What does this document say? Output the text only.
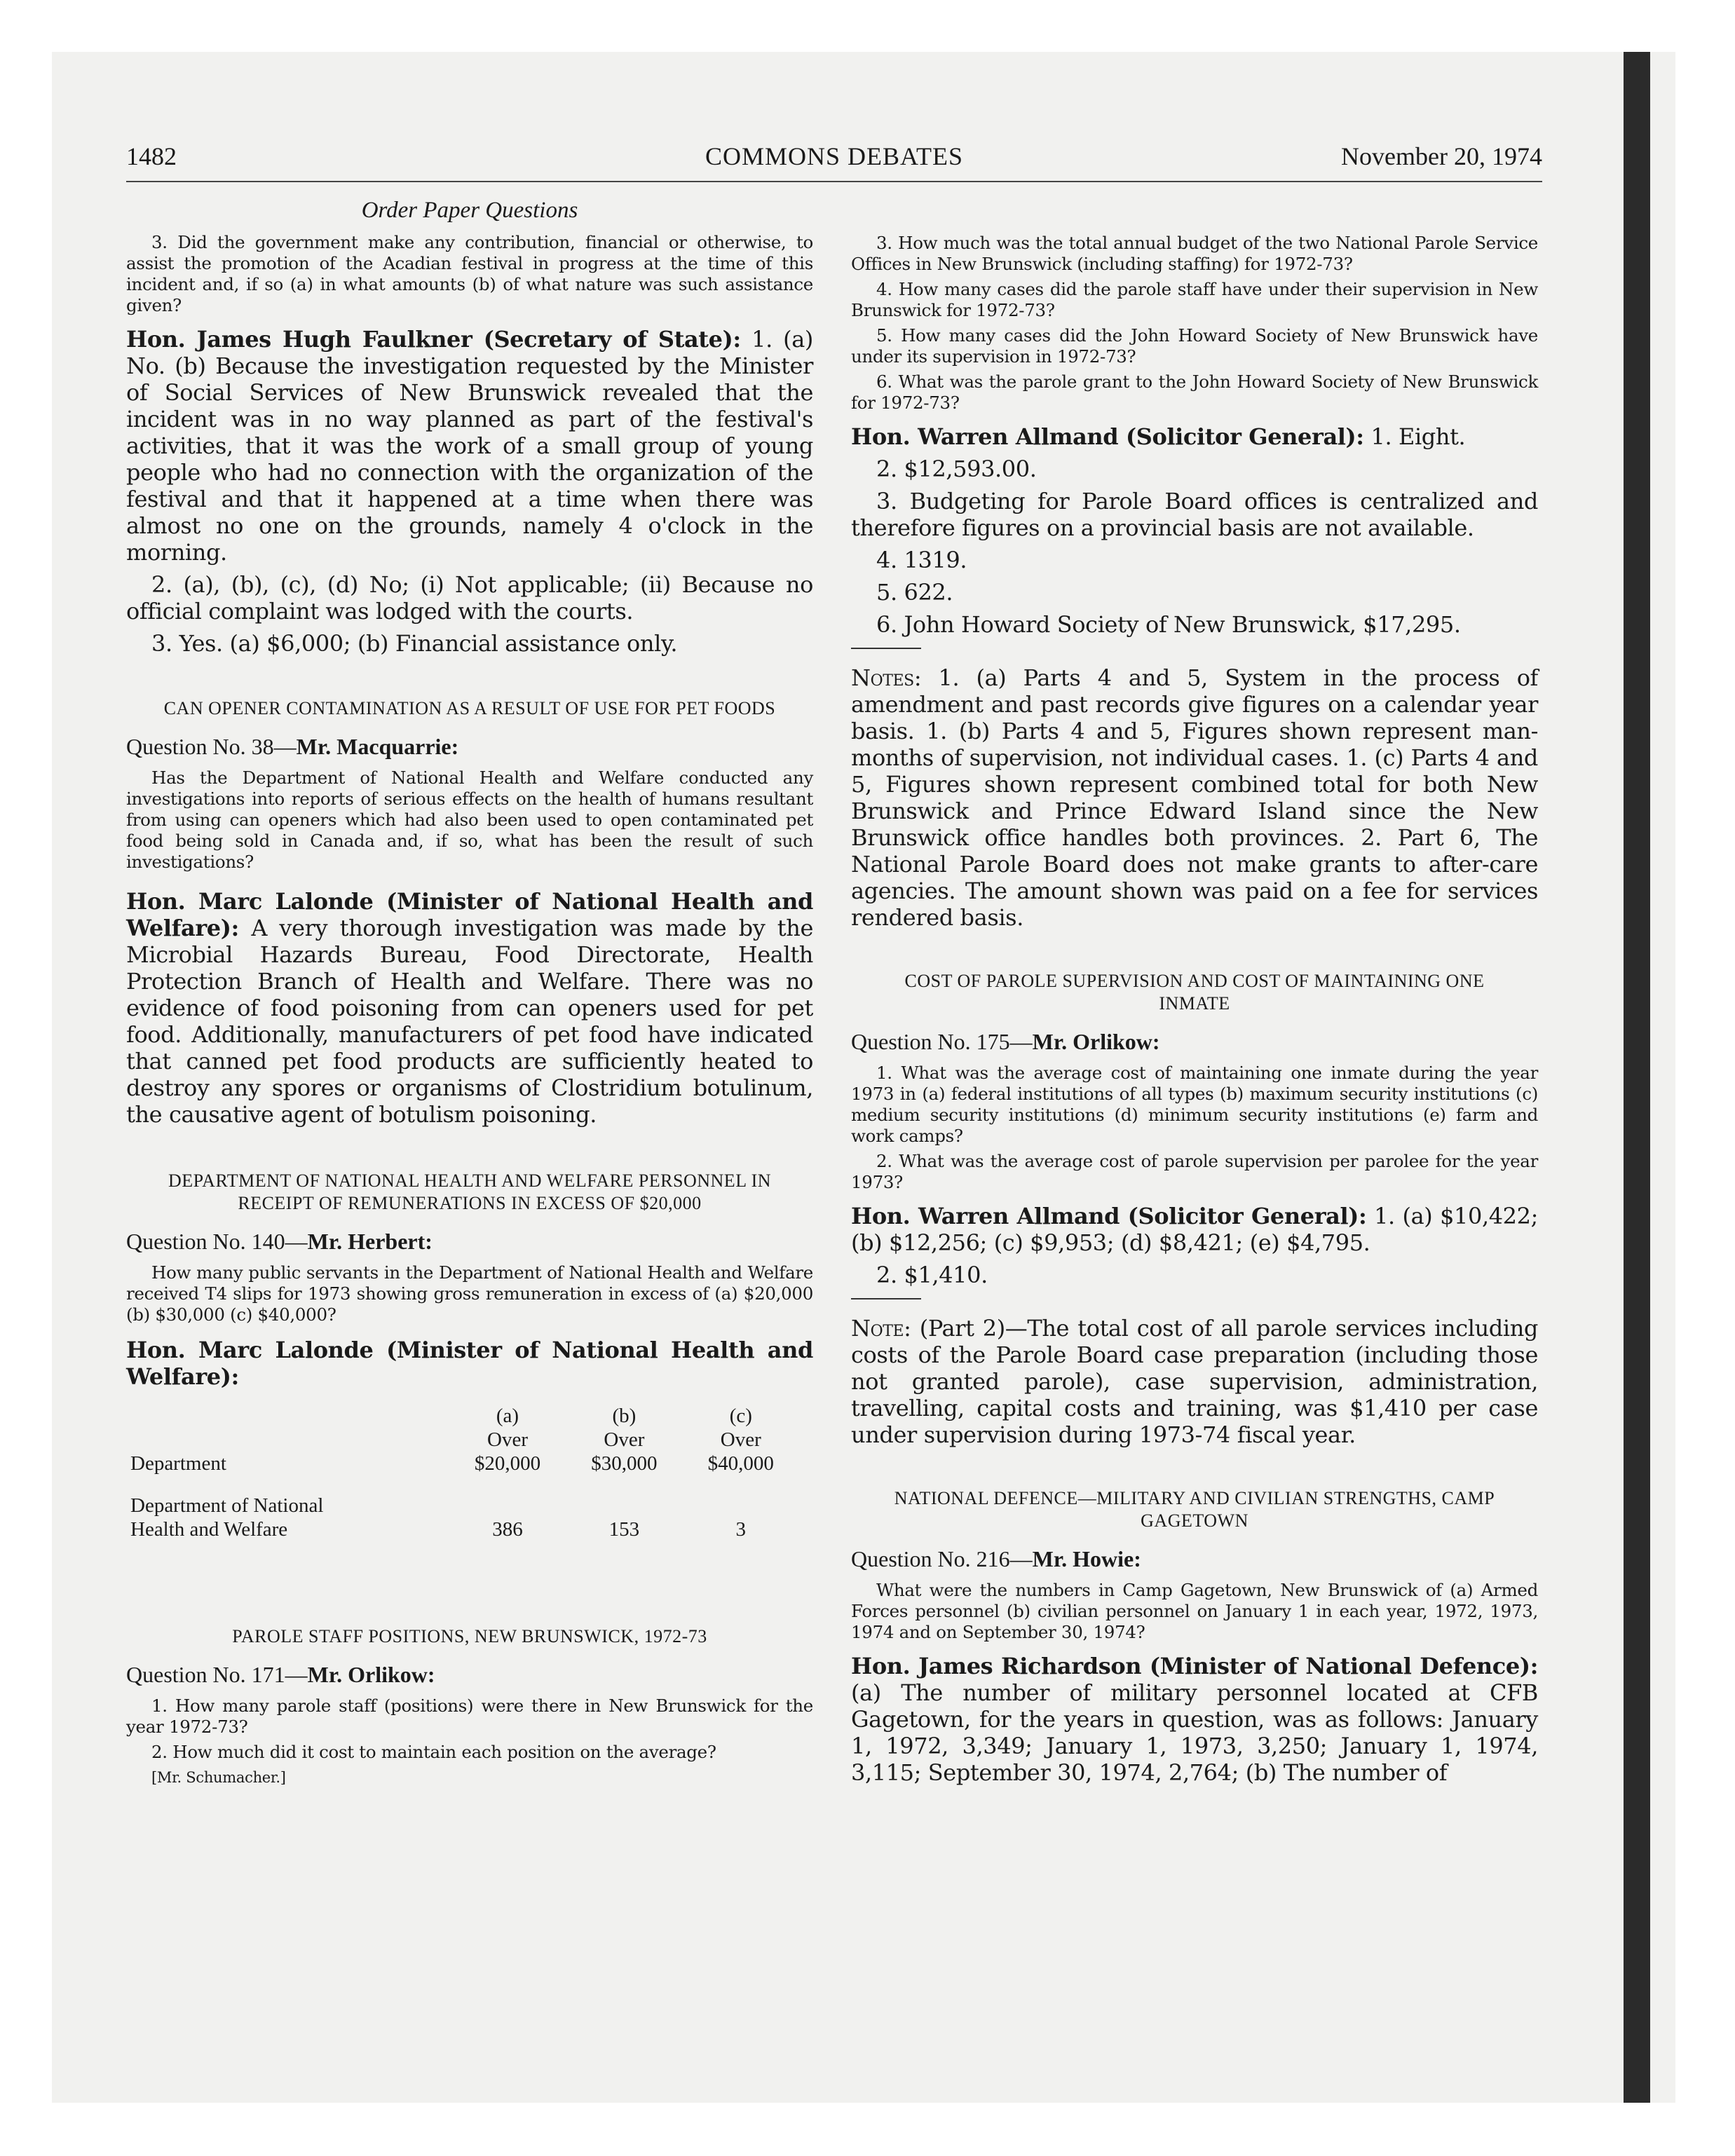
1482	COMMONS DEBATES	November 20, 1974

Order Paper Questions

3. Did the government make any contribution, financial or otherwise, to assist the promotion of the Acadian festival in progress at the time of this incident and, if so (a) in what amounts (b) of what nature was such assistance given?

Hon. James Hugh Faulkner (Secretary of State): 1. (a) No. (b) Because the investigation requested by the Minister of Social Services of New Brunswick revealed that the incident was in no way planned as part of the festival's activities, that it was the work of a small group of young people who had no connection with the organization of the festival and that it happened at a time when there was almost no one on the grounds, namely 4 o'clock in the morning.

2. (a), (b), (c), (d) No; (i) Not applicable; (ii) Because no official complaint was lodged with the courts.

3. Yes. (a) $6,000; (b) Financial assistance only.

CAN OPENER CONTAMINATION AS A RESULT OF USE FOR PET FOODS

Question No. 38—Mr. Macquarrie:

Has the Department of National Health and Welfare conducted any investigations into reports of serious effects on the health of humans resultant from using can openers which had also been used to open contaminated pet food being sold in Canada and, if so, what has been the result of such investigations?

Hon. Marc Lalonde (Minister of National Health and Welfare): A very thorough investigation was made by the Microbial Hazards Bureau, Food Directorate, Health Protection Branch of Health and Welfare. There was no evidence of food poisoning from can openers used for pet food. Additionally, manufacturers of pet food have indicated that canned pet food products are sufficiently heated to destroy any spores or organisms of Clostridium botulinum, the causative agent of botulism poisoning.

DEPARTMENT OF NATIONAL HEALTH AND WELFARE PERSONNEL IN RECEIPT OF REMUNERATIONS IN EXCESS OF $20,000

Question No. 140—Mr. Herbert:

How many public servants in the Department of National Health and Welfare received T4 slips for 1973 showing gross remuneration in excess of (a) $20,000 (b) $30,000 (c) $40,000?

Hon. Marc Lalonde (Minister of National Health and Welfare):

	(a)	(b)	(c)
	Over	Over	Over
Department	$20,000	$30,000	$40,000
Department of National
Health and Welfare	386	153	3

PAROLE STAFF POSITIONS, NEW BRUNSWICK, 1972-73

Question No. 171—Mr. Orlikow:

1. How many parole staff (positions) were there in New Brunswick for the year 1972-73?

2. How much did it cost to maintain each position on the average?

[Mr. Schumacher.]

3. How much was the total annual budget of the two National Parole Service Offices in New Brunswick (including staffing) for 1972-73?

4. How many cases did the parole staff have under their supervision in New Brunswick for 1972-73?

5. How many cases did the John Howard Society of New Brunswick have under its supervision in 1972-73?

6. What was the parole grant to the John Howard Society of New Brunswick for 1972-73?

Hon. Warren Allmand (Solicitor General): 1. Eight.

2. $12,593.00.

3. Budgeting for Parole Board offices is centralized and therefore figures on a provincial basis are not available.

4. 1319.

5. 622.

6. John Howard Society of New Brunswick, $17,295.

Notes: 1. (a) Parts 4 and 5, System in the process of amendment and past records give figures on a calendar year basis. 1. (b) Parts 4 and 5, Figures shown represent man-months of supervision, not individual cases. 1. (c) Parts 4 and 5, Figures shown represent combined total for both New Brunswick and Prince Edward Island since the New Brunswick office handles both provinces. 2. Part 6, The National Parole Board does not make grants to after-care agencies. The amount shown was paid on a fee for services rendered basis.

COST OF PAROLE SUPERVISION AND COST OF MAINTAINING ONE INMATE

Question No. 175—Mr. Orlikow:

1. What was the average cost of maintaining one inmate during the year 1973 in (a) federal institutions of all types (b) maximum security institutions (c) medium security institutions (d) minimum security institutions (e) farm and work camps?

2. What was the average cost of parole supervision per parolee for the year 1973?

Hon. Warren Allmand (Solicitor General): 1. (a) $10,422; (b) $12,256; (c) $9,953; (d) $8,421; (e) $4,795.

2. $1,410.

Note: (Part 2)—The total cost of all parole services including costs of the Parole Board case preparation (including those not granted parole), case supervision, administration, travelling, capital costs and training, was $1,410 per case under supervision during 1973-74 fiscal year.

NATIONAL DEFENCE—MILITARY AND CIVILIAN STRENGTHS, CAMP GAGETOWN

Question No. 216—Mr. Howie:

What were the numbers in Camp Gagetown, New Brunswick of (a) Armed Forces personnel (b) civilian personnel on January 1 in each year, 1972, 1973, 1974 and on September 30, 1974?

Hon. James Richardson (Minister of National Defence): (a) The number of military personnel located at CFB Gagetown, for the years in question, was as follows: January 1, 1972, 3,349; January 1, 1973, 3,250; January 1, 1974, 3,115; September 30, 1974, 2,764; (b) The number of
